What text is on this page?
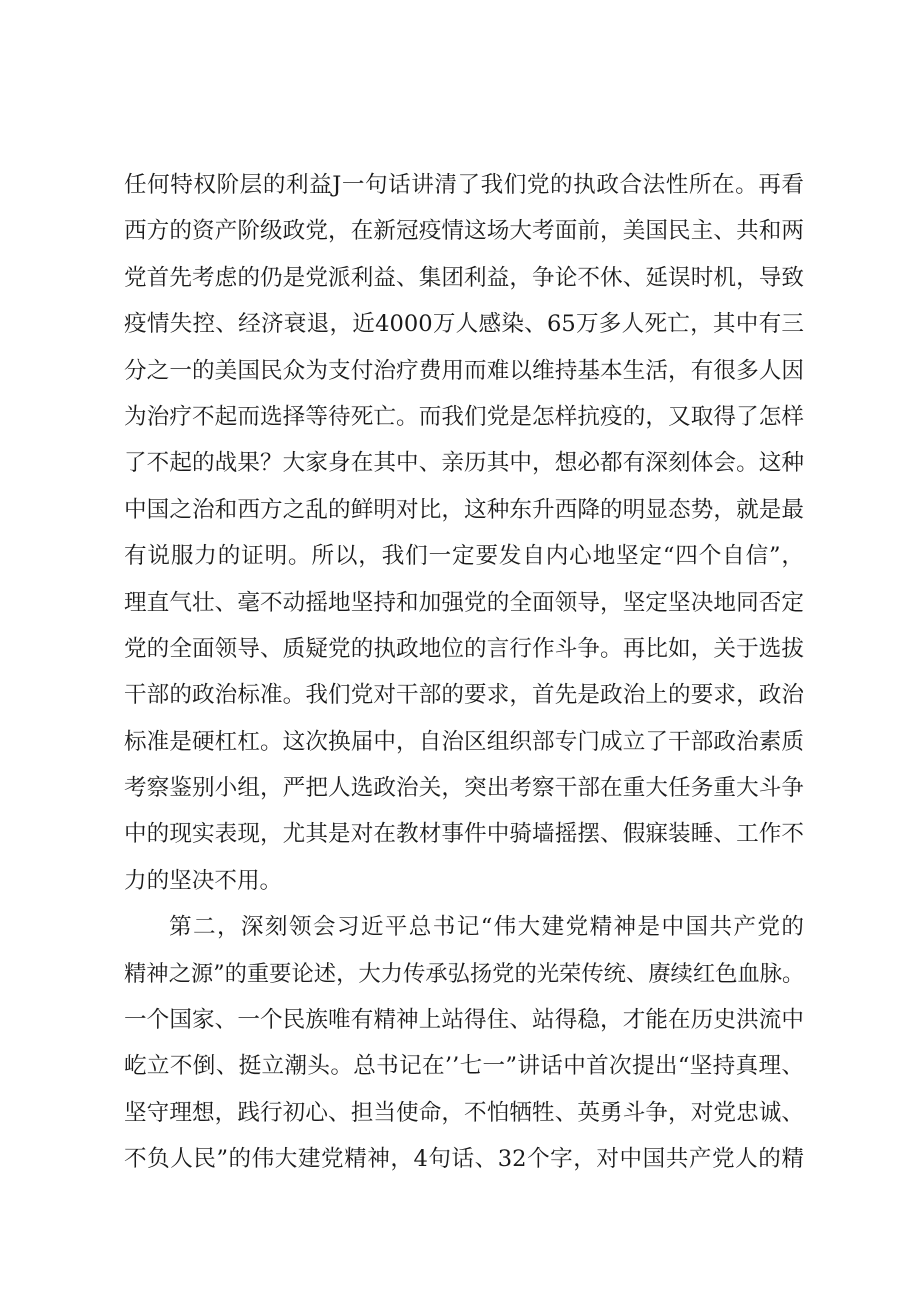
任何特权阶层的利益J一句话讲清了我们党的执政合法性所在。再看
西方的资产阶级政党，在新冠疫情这场大考面前，美国民主、共和两
党首先考虑的仍是党派利益、集团利益，争论不休、延误时机，导致
疫情失控、经济衰退，近4000万人感染、65万多人死亡，其中有三
分之一的美国民众为支付治疗费用而难以维持基本生活，有很多人因
为治疗不起而选择等待死亡。而我们党是怎样抗疫的，又取得了怎样
了不起的战果？大家身在其中、亲历其中，想必都有深刻体会。这种
中国之治和西方之乱的鲜明对比，这种东升西降的明显态势，就是最
有说服力的证明。所以，我们一定要发自内心地坚定“四个自信”，
理直气壮、毫不动摇地坚持和加强党的全面领导，坚定坚决地同否定
党的全面领导、质疑党的执政地位的言行作斗争。再比如，关于选拔
干部的政治标准。我们党对干部的要求，首先是政治上的要求，政治
标准是硬杠杠。这次换届中，自治区组织部专门成立了干部政治素质
考察鉴别小组，严把人选政治关，突出考察干部在重大任务重大斗争
中的现实表现，尤其是对在教材事件中骑墙摇摆、假寐装睡、工作不
力的坚决不用。
第二，深刻领会习近平总书记“伟大建党精神是中国共产党的
精神之源”的重要论述，大力传承弘扬党的光荣传统、赓续红色血脉。
一个国家、一个民族唯有精神上站得住、站得稳，才能在历史洪流中
屹立不倒、挺立潮头。总书记在’’七一”讲话中首次提出“坚持真理、
坚守理想，践行初心、担当使命，不怕牺牲、英勇斗争，对党忠诚、
不负人民”的伟大建党精神，4句话、32个字，对中国共产党人的精
